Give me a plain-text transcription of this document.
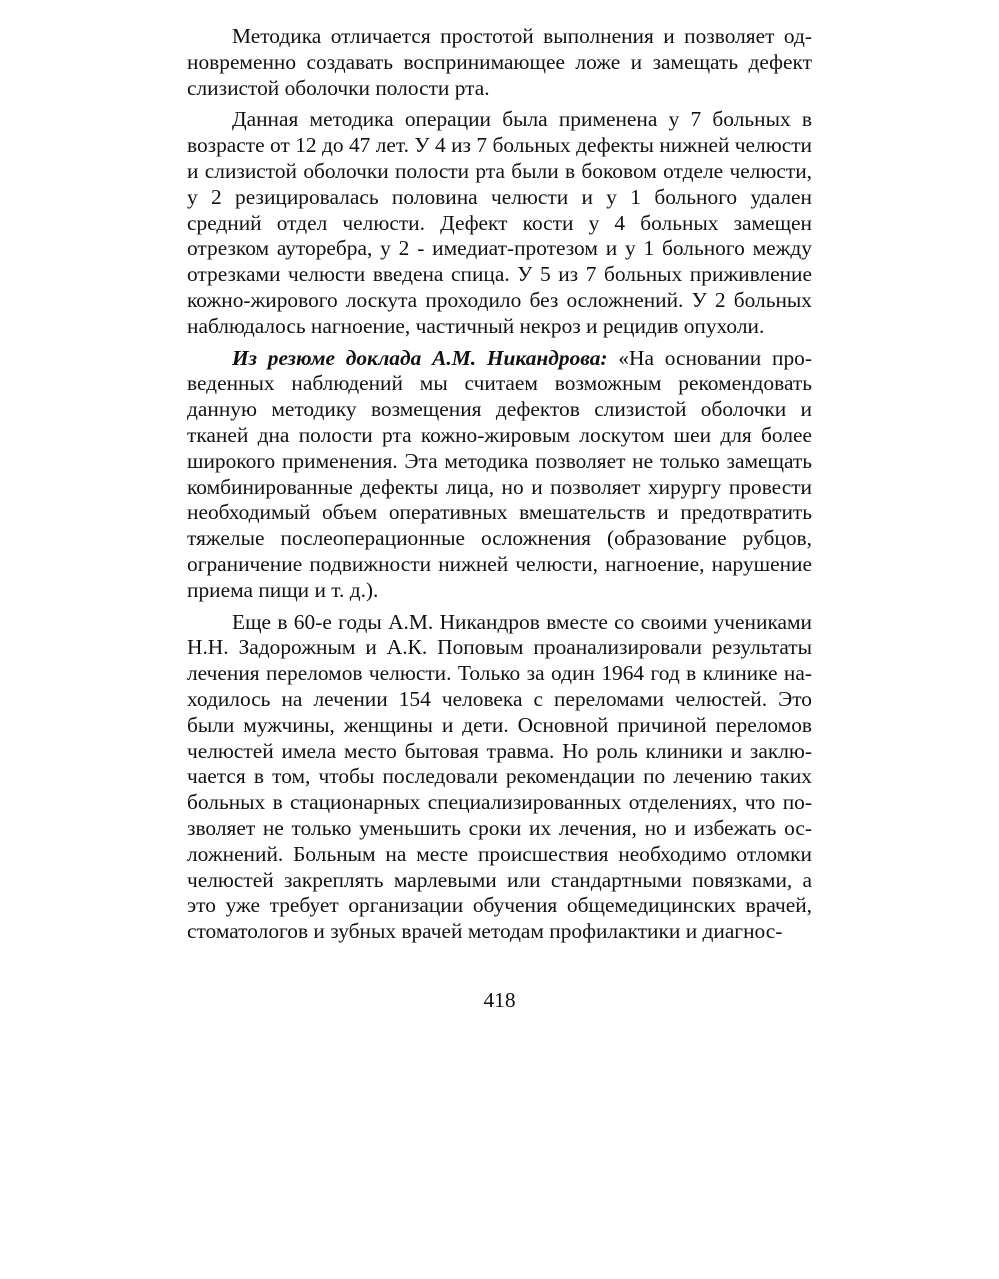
Методика отличается простотой выполнения и позволяет одновременно создавать воспринимающее ложе и замещать дефект слизистой оболочки полости рта.

Данная методика операции была применена у 7 больных в возрасте от 12 до 47 лет. У 4 из 7 больных дефекты нижней челюсти и слизистой оболочки полости рта были в боковом отделе челюсти, у 2 резицировалась половина челюсти и у 1 больного удален средний отдел челюсти. Дефект кости у 4 больных замещен отрезком ауторебра, у 2 - имедиат-протезом и у 1 больного между отрезками челюсти введена спица. У 5 из 7 больных приживление кожно-жирового лоскута проходило без осложнений. У 2 больных наблюдалось нагноение, частичный некроз и рецидив опухоли.

Из резюме доклада А.М. Никандрова: «На основании проведенных наблюдений мы считаем возможным рекомендовать данную методику возмещения дефектов слизистой оболочки и тканей дна полости рта кожно-жировым лоскутом шеи для более широкого применения. Эта методика позволяет не только замещать комбинированные дефекты лица, но и позволяет хирургу провести необходимый объем оперативных вмешательств и предотвратить тяжелые послеоперационные осложнения (образование рубцов, ограничение подвижности нижней челюсти, нагноение, нарушение приема пищи и т. д.).

Еще в 60-е годы А.М. Никандров вместе со своими учениками Н.Н. Задорожным и А.К. Поповым проанализировали результаты лечения переломов челюсти. Только за один 1964 год в клинике находилось на лечении 154 человека с переломами челюстей. Это были мужчины, женщины и дети. Основной причиной переломов челюстей имела место бытовая травма. Но роль клиники и заключается в том, чтобы последовали рекомендации по лечению таких больных в стационарных специализированных отделениях, что позволяет не только уменьшить сроки их лечения, но и избежать осложнений. Больным на месте происшествия необходимо отломки челюстей закреплять марлевыми или стандартными повязками, а это уже требует организации обучения общемедицинских врачей, стоматологов и зубных врачей методам профилактики и диагнос-

418
